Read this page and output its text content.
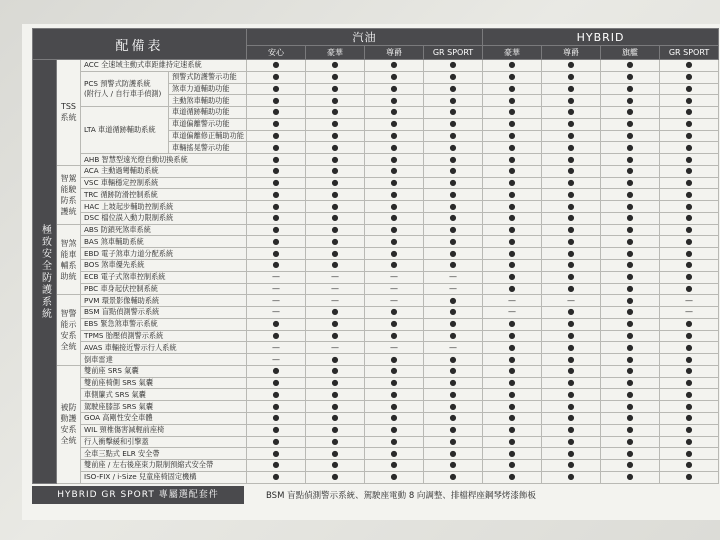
配備表				汽油				HYBRID			
				安心	豪華	尊爵	GR SPORT	豪華	尊爵	旗艦	GR SPORT
極致安全防護系統	TSS系統	ACC 全速域主動式車距維持定速系統		●	●	●	●	●	●	●	●

		PCS 預警式防護系統
(附行人 / 自行車手偵測)	預警式防護警示功能	●	●	●	●	●	●	●	●
			煞車力道輔助功能	●	●	●	●	●	●	●	●
			主動煞車輔助功能	●	●	●	●	●	●	●	●

		LTA 車道循跡輔助系統	車道循跡輔助功能	●	●	●	●	●	●	●	●
			車道偏離警示功能	●	●	●	●	●	●	●	●
			車道偏離修正輔助功能	●	●	●	●	●	●	●	●
			車輛搖晃警示功能	●	●	●	●	●	●	●	●
		AHB 智慧型遠光燈自動切換系統		●	●	●	●	●	●	●	●
	智駕能駛防系護統	ACA 主動過彎輔助系統		●	●	●	●	●	●	●	●
		VSC 車輛穩定控制系統		●	●	●	●	●	●	●	●
		TRC 循跡防滑控制系統		●	●	●	●	●	●	●	●
		HAC 上坡起步輔助控制系統		●	●	●	●	●	●	●	●
		DSC 檔位誤入動力限制系統		●	●	●	●	●	●	●	●
	智煞能車輔系助統	ABS 防鎖死煞車系統		●	●	●	●	●	●	●	●
		BAS 煞車輔助系統		●	●	●	●	●	●	●	●
		EBD 電子煞車力道分配系統		●	●	●	●	●	●	●	●
		BOS 煞車優先系統		●	●	●	●	●	●	●	●
		ECB 電子式煞車控制系統		—	—	—	—	●	●	●	●
		PBC 車身起伏控制系統		—	—	—	—	●	●	●	●
	智警能示安系全統	PVM 環景影像輔助系統		—	—	—	●	—	—	●	—
		BSM 盲點偵測警示系統		—	●	●	●	—	●	●	—
		EBS 緊急煞車警示系統		●	●	●	●	●	●	●	●
		TPMS 胎壓偵測警示系統		●	●	●	●	●	●	●	●
		AVAS 車輛接近警示行人系統		—	—	—	—	●	●	●	●
		倒車雷達		—	●	●	●	●	●	●	●
	被防動護安系全統	雙前座 SRS 氣囊		●	●	●	●	●	●	●	●
		雙前座椅側 SRS 氣囊		●	●	●	●	●	●	●	●
		車側簾式 SRS 氣囊		●	●	●	●	●	●	●	●
		駕駛座膝部 SRS 氣囊		●	●	●	●	●	●	●	●
		GOA 高剛性安全車體		●	●	●	●	●	●	●	●
		WIL 頸椎傷害減輕前座椅		●	●	●	●	●	●	●	●
		行人衝擊緩和引擎蓋		●	●	●	●	●	●	●	●
		全車三點式 ELR 安全帶		●	●	●	●	●	●	●	●
		雙前座 / 左右後座束力限制預縮式安全帶		●	●	●	●	●	●	●	●
		ISO-FIX / i-Size 兒童座椅固定機構		●	●	●	●	●	●	●	●
HYBRID GR SPORT 專屬選配套件	BSM 盲點偵測警示系統、駕駛座電動 8 向調整、排檔桿座鋼琴烤漆飾板
